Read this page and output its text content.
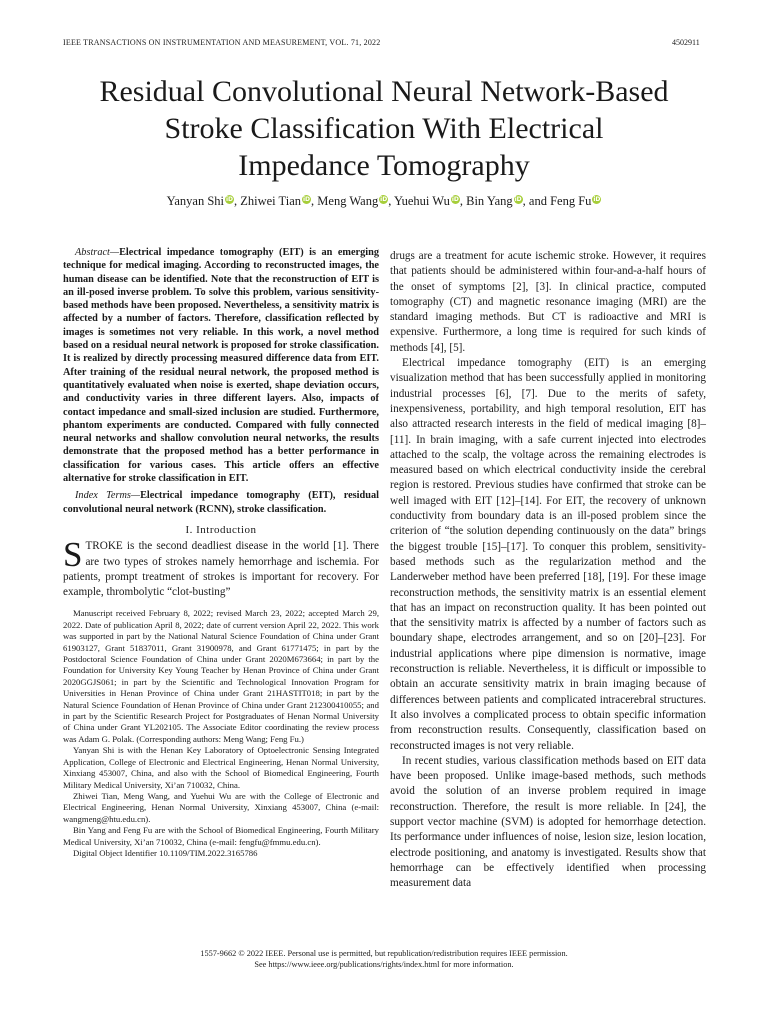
IEEE TRANSACTIONS ON INSTRUMENTATION AND MEASUREMENT, VOL. 71, 2022	4502911
Residual Convolutional Neural Network-Based
Stroke Classification With Electrical
Impedance Tomography
Yanyan Shi iD, Zhiwei Tian iD, Meng Wang iD, Yuehui Wu iD, Bin Yang iD, and Feng Fu iD

Abstract—Electrical impedance tomography (EIT) is an emerging technique for medical imaging. According to reconstructed images, the human disease can be identified. Note that the reconstruction of EIT is an ill-posed inverse problem. To solve this problem, various sensitivity-based methods have been proposed. Nevertheless, a sensitivity matrix is affected by a number of factors. Therefore, classification reflected by images is sometimes not very reliable. In this work, a novel method based on a residual neural network is proposed for stroke classification. It is realized by directly processing measured difference data from EIT. After training of the residual neural network, the proposed method is quantitatively evaluated when noise is exerted, shape deviation occurs, and conductivity varies in three different layers. Also, impacts of contact impedance and small-sized inclusion are studied. Furthermore, phantom experiments are conducted. Compared with fully connected neural networks and shallow convolution neural networks, the results demonstrate that the proposed method has a better performance in classification for various cases. This article offers an effective alternative for stroke classification in EIT.

Index Terms—Electrical impedance tomography (EIT), residual convolutional neural network (RCNN), stroke classification.

I. Introduction

STROKE is the second deadliest disease in the world [1]. There are two types of strokes namely hemorrhage and ischemia. For patients, prompt treatment of strokes is important for recovery. For example, thrombolytic “clot-busting”

Manuscript received February 8, 2022; revised March 23, 2022; accepted March 29, 2022. Date of publication April 8, 2022; date of current version April 22, 2022. This work was supported in part by the National Natural Science Foundation of China under Grant 61903127, Grant 51837011, Grant 31900978, and Grant 61771475; in part by the Postdoctoral Science Foundation of China under Grant 2020M673664; in part by the Foundation for University Key Young Teacher by Henan Province of China under Grant 2020GGJS061; in part by the Scientific and Technological Innovation Program for Universities in Henan Province of China under Grant 21HASTIT018; in part by the Natural Science Foundation of Henan Province of China under Grant 212300410055; and in part by the Scientific Research Project for Postgraduates of Henan Normal University of China under Grant YL202105. The Associate Editor coordinating the review process was Adam G. Polak. (Corresponding authors: Meng Wang; Feng Fu.)

Yanyan Shi is with the Henan Key Laboratory of Optoelectronic Sensing Integrated Application, College of Electronic and Electrical Engineering, Henan Normal University, Xinxiang 453007, China, and also with the School of Biomedical Engineering, Fourth Military Medical University, Xi’an 710032, China.

Zhiwei Tian, Meng Wang, and Yuehui Wu are with the College of Electronic and Electrical Engineering, Henan Normal University, Xinxiang 453007, China (e-mail: wangmeng@htu.edu.cn).

Bin Yang and Feng Fu are with the School of Biomedical Engineering, Fourth Military Medical University, Xi’an 710032, China (e-mail: fengfu@fmmu.edu.cn).

Digital Object Identifier 10.1109/TIM.2022.3165786

drugs are a treatment for acute ischemic stroke. However, it requires that patients should be administered within four-and-a-half hours of the onset of symptoms [2], [3]. In clinical practice, computed tomography (CT) and magnetic resonance imaging (MRI) are the standard imaging methods. But CT is radioactive and MRI is expensive. Furthermore, a long time is required for such kinds of methods [4], [5].

Electrical impedance tomography (EIT) is an emerging visualization method that has been successfully applied in monitoring industrial processes [6], [7]. Due to the merits of safety, inexpensiveness, portability, and high temporal resolution, EIT has also attracted research interests in the field of medical imaging [8]–[11]. In brain imaging, with a safe current injected into electrodes attached to the scalp, the voltage across the remaining electrodes is measured based on which electrical conductivity inside the cerebral region is restored. Previous studies have confirmed that stroke can be well imaged with EIT [12]–[14]. For EIT, the recovery of unknown conductivity from boundary data is an ill-posed problem since the criterion of “the solution depending continuously on the data” brings the biggest trouble [15]–[17]. To conquer this problem, sensitivity-based methods such as the regularization method and the Landerweber method have been preferred [18], [19]. For these image reconstruction methods, the sensitivity matrix is an essential element that has an impact on reconstruction quality. It has been pointed out that the sensitivity matrix is affected by a number of factors such as boundary shape, electrodes arrangement, and so on [20]–[23]. For industrial applications where pipe dimension is normative, image reconstruction is reliable. Nevertheless, it is difficult or impossible to obtain an accurate sensitivity matrix in brain imaging because of differences between patients and complicated intracerebral structures. It also involves a complicated process to obtain specific information from reconstruction results. Consequently, classification based on reconstructed images is not very reliable.

In recent studies, various classification methods based on EIT data have been proposed. Unlike image-based methods, such methods avoid the solution of an inverse problem required in image reconstruction. Therefore, the result is more reliable. In [24], the support vector machine (SVM) is adopted for hemorrhage detection. Its performance under influences of noise, lesion size, lesion location, electrode positioning, and anatomy is investigated. Results show that hemorrhage can be effectively identified when processing measurement data

1557-9662 © 2022 IEEE. Personal use is permitted, but republication/redistribution requires IEEE permission.
See https://www.ieee.org/publications/rights/index.html for more information.
